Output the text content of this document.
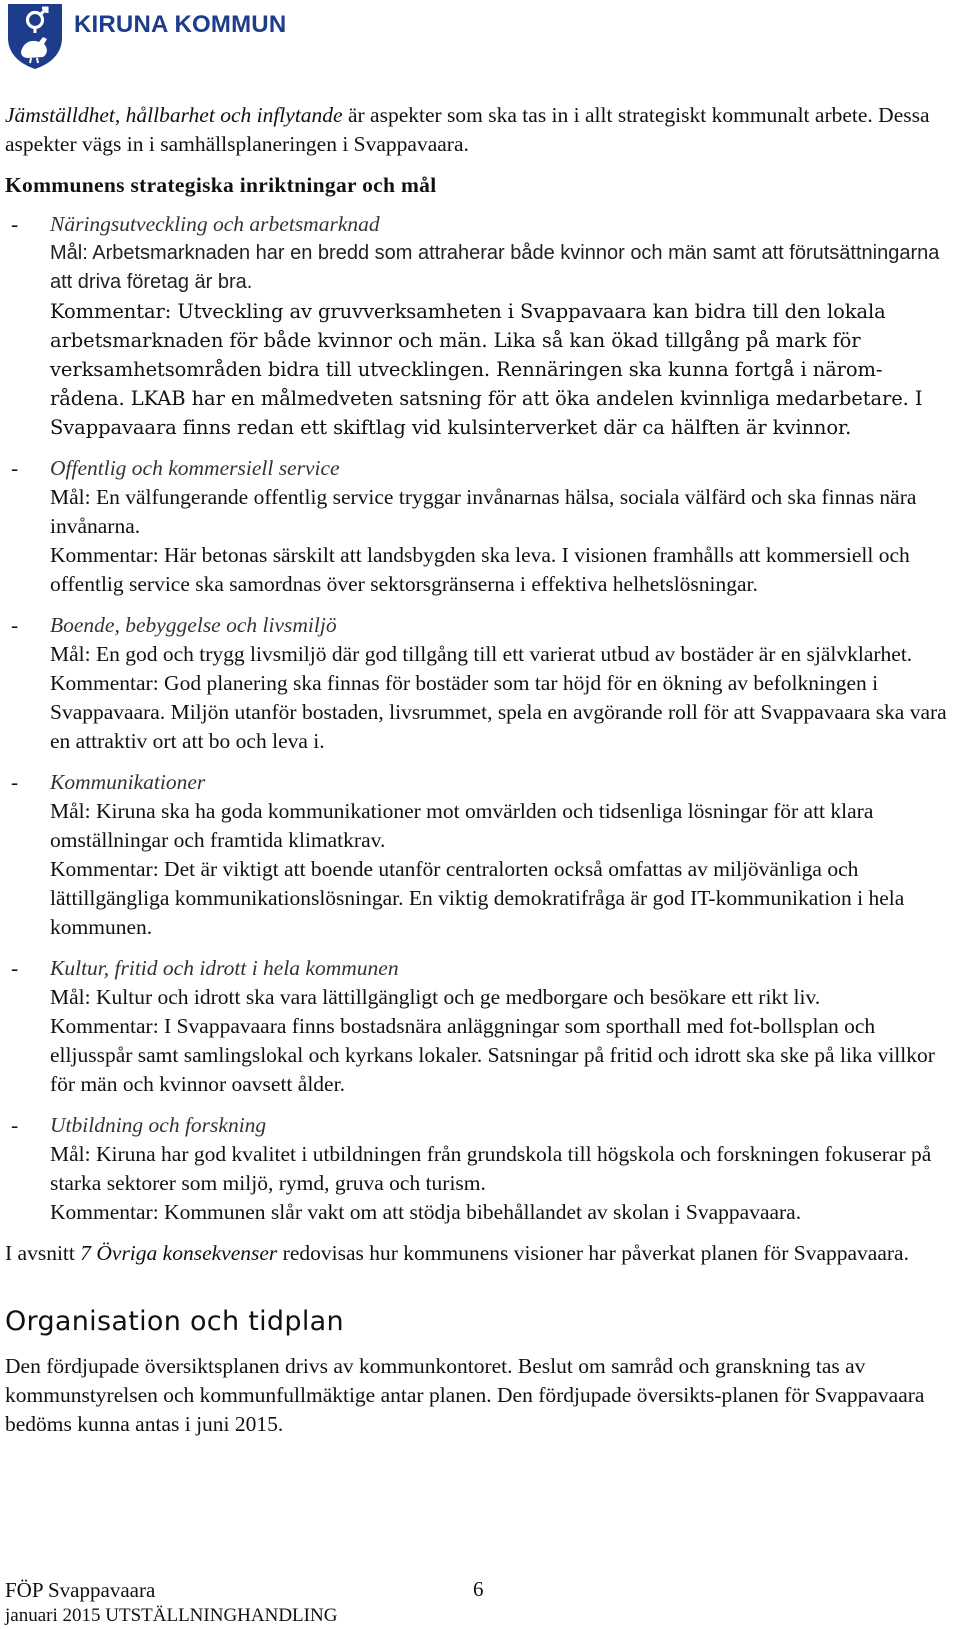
KIRUNA KOMMUN

Jämställdhet, hållbarhet och inflytande är aspekter som ska tas in i allt strategiskt kommunalt arbete. Dessa aspekter vägs in i samhällsplaneringen i Svappavaara.

Kommunens strategiska inriktningar och mål

- Näringsutveckling och arbetsmarknad
Mål: Arbetsmarknaden har en bredd som attraherar både kvinnor och män samt att förutsättningarna att driva företag är bra.
Kommentar: Utveckling av gruvverksamheten i Svappavaara kan bidra till den lokala arbetsmarknaden för både kvinnor och män. Lika så kan ökad tillgång på mark för verksamhetsområden bidra till utvecklingen. Rennäringen ska kunna fortgå i närom-rådena. LKAB har en målmedveten satsning för att öka andelen kvinnliga medarbetare. I Svappavaara finns redan ett skiftlag vid kulsinterverket där ca hälften är kvinnor.
- Offentlig och kommersiell service
Mål: En välfungerande offentlig service tryggar invånarnas hälsa, sociala välfärd och ska finnas nära invånarna.
Kommentar: Här betonas särskilt att landsbygden ska leva. I visionen framhålls att kommersiell och offentlig service ska samordnas över sektorsgränserna i effektiva helhetslösningar.
- Boende, bebyggelse och livsmiljö
Mål: En god och trygg livsmiljö där god tillgång till ett varierat utbud av bostäder är en självklarhet.
Kommentar: God planering ska finnas för bostäder som tar höjd för en ökning av befolkningen i Svappavaara. Miljön utanför bostaden, livsrummet, spela en avgörande roll för att Svappavaara ska vara en attraktiv ort att bo och leva i.
- Kommunikationer
Mål: Kiruna ska ha goda kommunikationer mot omvärlden och tidsenliga lösningar för att klara omställningar och framtida klimatkrav.
Kommentar: Det är viktigt att boende utanför centralorten också omfattas av miljövänliga och lättillgängliga kommunikationslösningar. En viktig demokratifråga är god IT-kommunikation i hela kommunen.
- Kultur, fritid och idrott i hela kommunen
Mål: Kultur och idrott ska vara lättillgängligt och ge medborgare och besökare ett rikt liv.
Kommentar: I Svappavaara finns bostadsnära anläggningar som sporthall med fot-bollsplan och elljusspår samt samlingslokal och kyrkans lokaler. Satsningar på fritid och idrott ska ske på lika villkor för män och kvinnor oavsett ålder.
- Utbildning och forskning
Mål: Kiruna har god kvalitet i utbildningen från grundskola till högskola och forskningen fokuserar på starka sektorer som miljö, rymd, gruva och turism.
Kommentar: Kommunen slår vakt om att stödja bibehållandet av skolan i Svappavaara.

I avsnitt 7 Övriga konsekvenser redovisas hur kommunens visioner har påverkat planen för Svappavaara.

Organisation och tidplan

Den fördjupade översiktsplanen drivs av kommunkontoret. Beslut om samråd och granskning tas av kommunstyrelsen och kommunfullmäktige antar planen. Den fördjupade översikts-planen för Svappavaara bedöms kunna antas i juni 2015.

FÖP Svappavaara
januari 2015 UTSTÄLLNINGHANDLING
6
